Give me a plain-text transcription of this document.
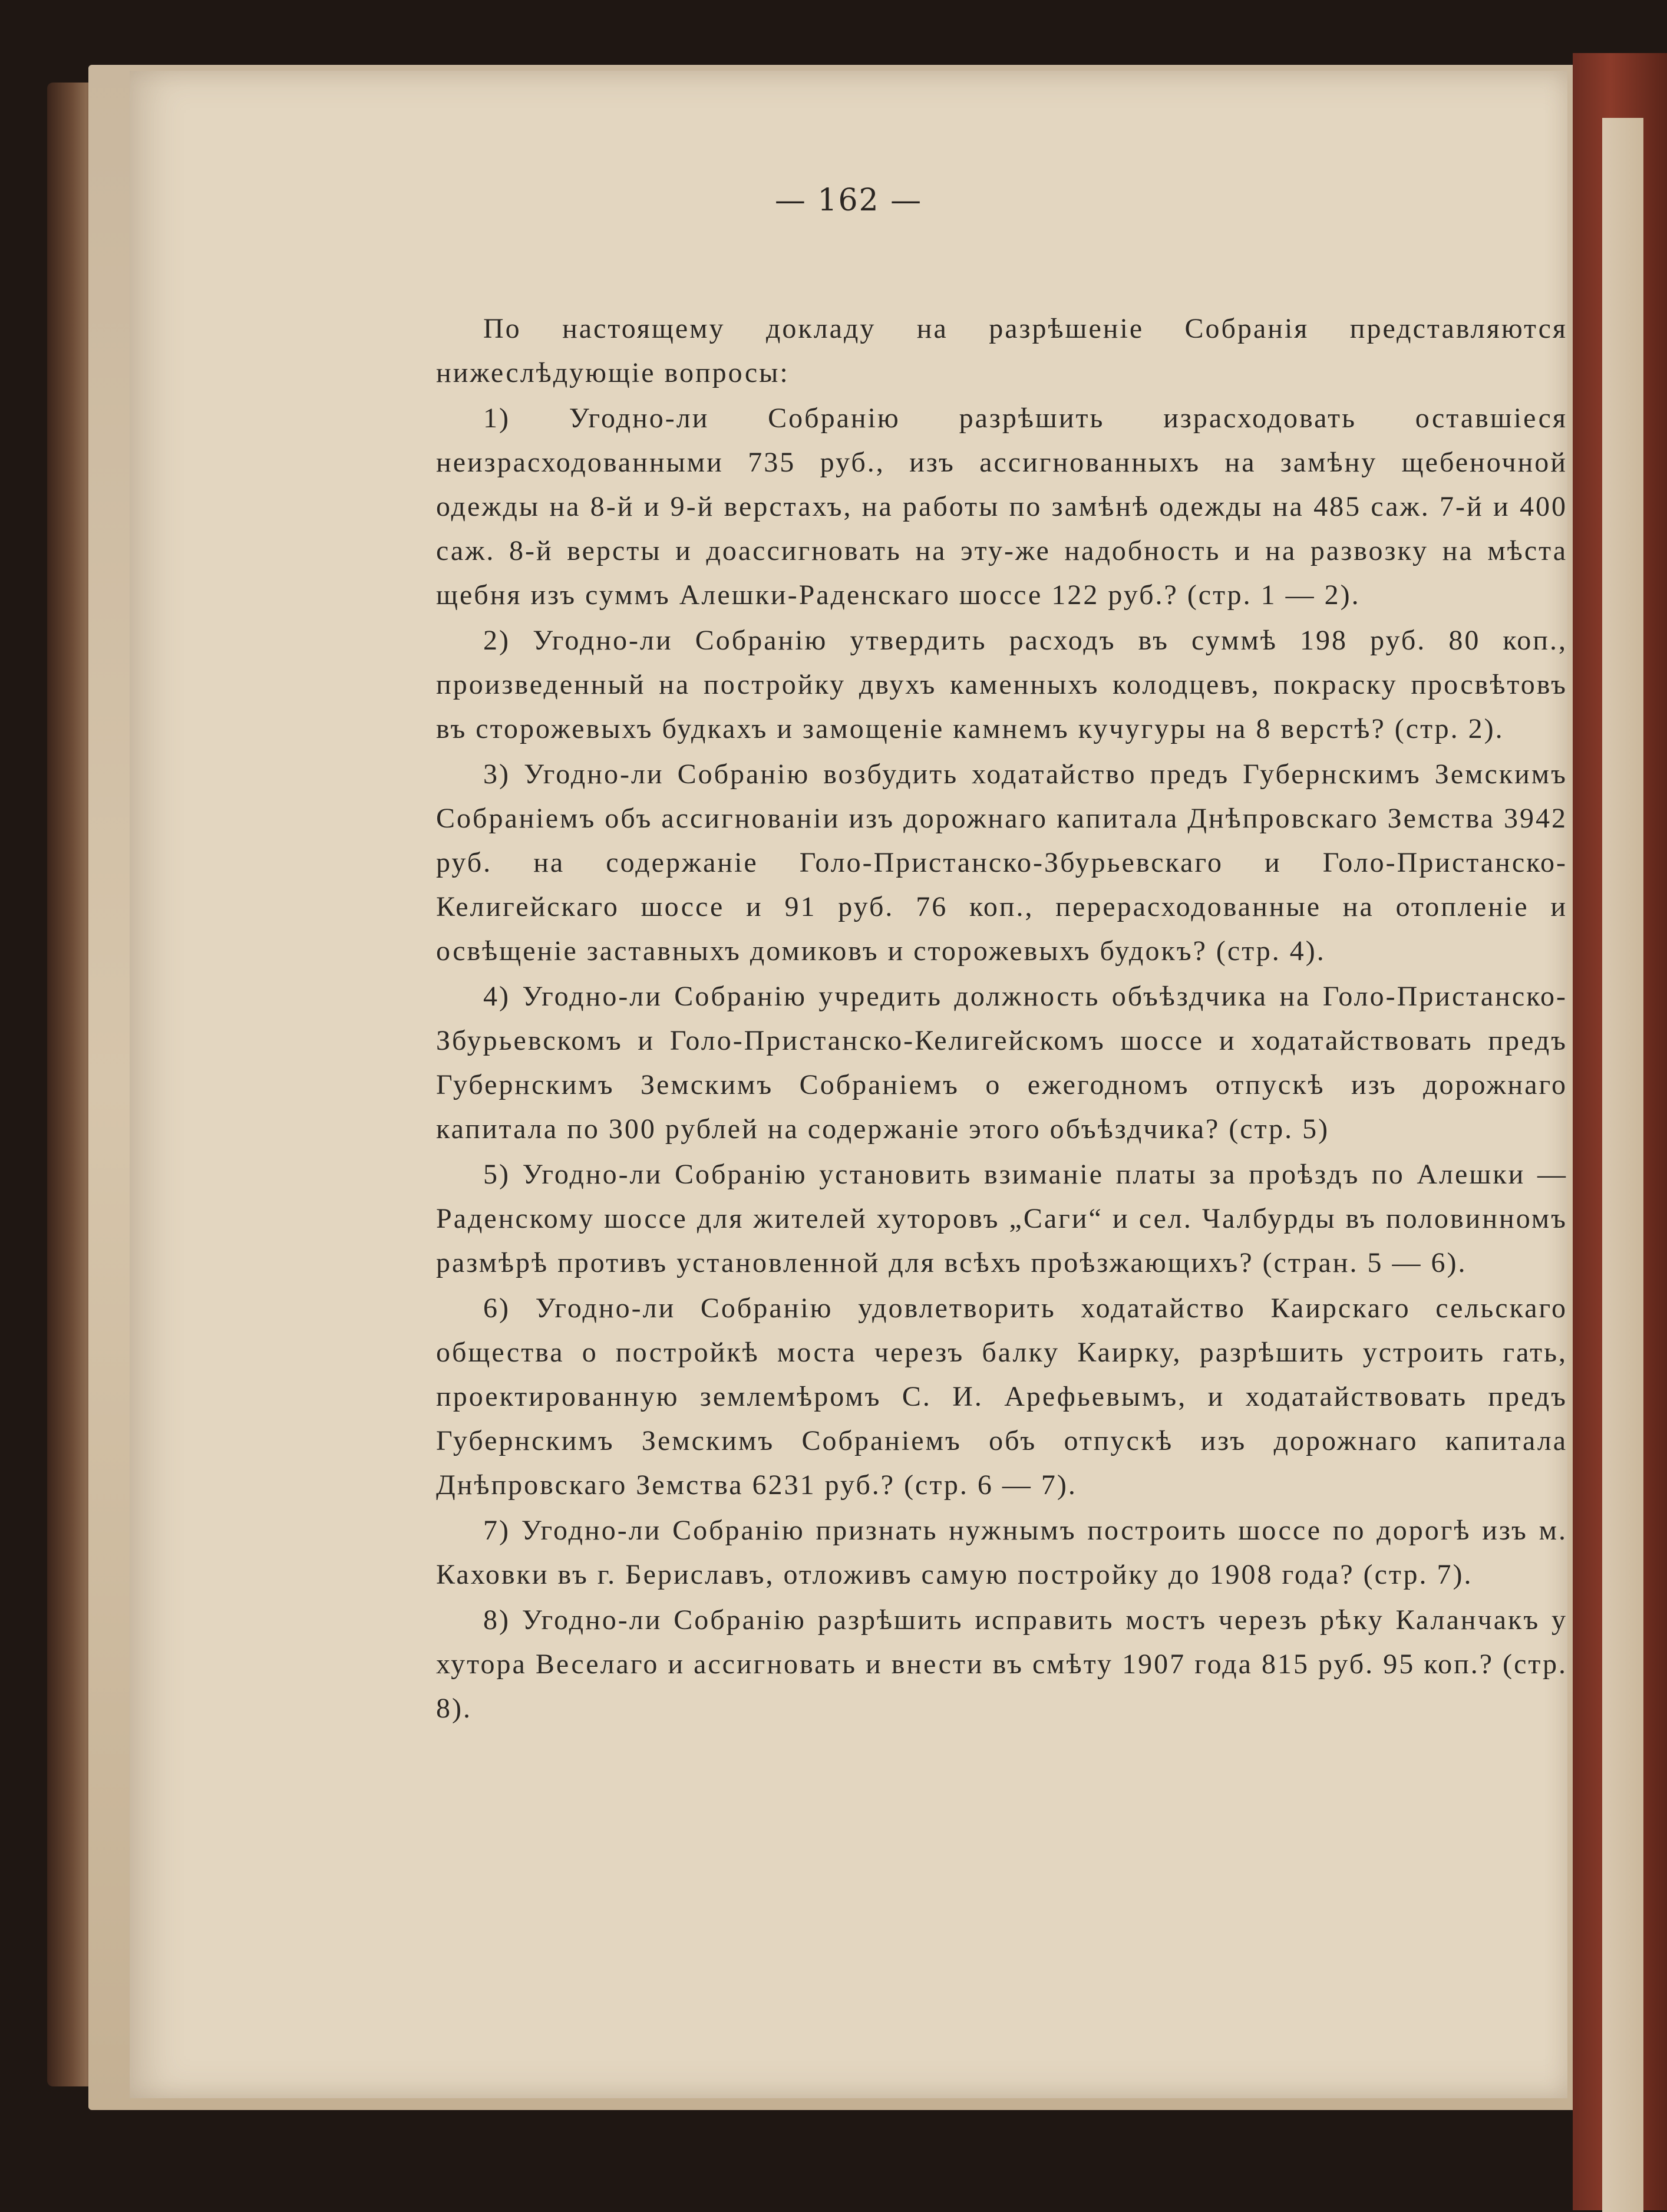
— 162 —

По настоящему докладу на разрѣшеніе Собранія представляются нижеслѣдующіе вопросы:

1) Угодно-ли Собранію разрѣшить израсходовать оставшіеся неизрасходованными 735 руб., изъ ассигнованныхъ на замѣну щебеночной одежды на 8-й и 9-й верстахъ, на работы по замѣнѣ одежды на 485 саж. 7-й и 400 саж. 8-й версты и доассигновать на эту-же надобность и на развозку на мѣста щебня изъ суммъ Алешки-Раденскаго шоссе 122 руб.? (стр. 1 — 2).

2) Угодно-ли Собранію утвердить расходъ въ суммѣ 198 руб. 80 коп., произведенный на постройку двухъ каменныхъ колодцевъ, покраску просвѣтовъ въ сторожевыхъ будкахъ и замощеніе камнемъ кучугуры на 8 верстѣ? (стр. 2).

3) Угодно-ли Собранію возбудить ходатайство предъ Губернскимъ Земскимъ Собраніемъ объ ассигнованіи изъ дорожнаго капитала Днѣпровскаго Земства 3942 руб. на содержаніе Голо-Пристанско-Збурьевскаго и Голо-Пристанско-Келигейскаго шоссе и 91 руб. 76 коп., перерасходованные на отопленіе и освѣщеніе заставныхъ домиковъ и сторожевыхъ будокъ? (стр. 4).

4) Угодно-ли Собранію учредить должность объѣздчика на Голо-Пристанско-Збурьевскомъ и Голо-Пристанско-Келигейскомъ шоссе и ходатайствовать предъ Губернскимъ Земскимъ Собраніемъ о ежегодномъ отпускѣ изъ дорожнаго капитала по 300 рублей на содержаніе этого объѣздчика? (стр. 5)

5) Угодно-ли Собранію установить взиманіе платы за проѣздъ по Алешки — Раденскому шоссе для жителей хуторовъ „Саги“ и сел. Чалбурды въ половинномъ размѣрѣ противъ установленной для всѣхъ проѣзжающихъ? (стран. 5 — 6).

6) Угодно-ли Собранію удовлетворить ходатайство Каирскаго сельскаго общества о постройкѣ моста черезъ балку Каирку, разрѣшить устроить гать, проектированную землемѣромъ С. И. Арефьевымъ, и ходатайствовать предъ Губернскимъ Земскимъ Собраніемъ объ отпускѣ изъ дорожнаго капитала Днѣпровскаго Земства 6231 руб.? (стр. 6 — 7).

7) Угодно-ли Собранію признать нужнымъ построить шоссе по дорогѣ изъ м. Каховки въ г. Бериславъ, отложивъ самую постройку до 1908 года? (стр. 7).

8) Угодно-ли Собранію разрѣшить исправить мостъ черезъ рѣку Каланчакъ у хутора Веселаго и ассигновать и внести въ смѣту 1907 года 815 руб. 95 коп.? (стр. 8).
